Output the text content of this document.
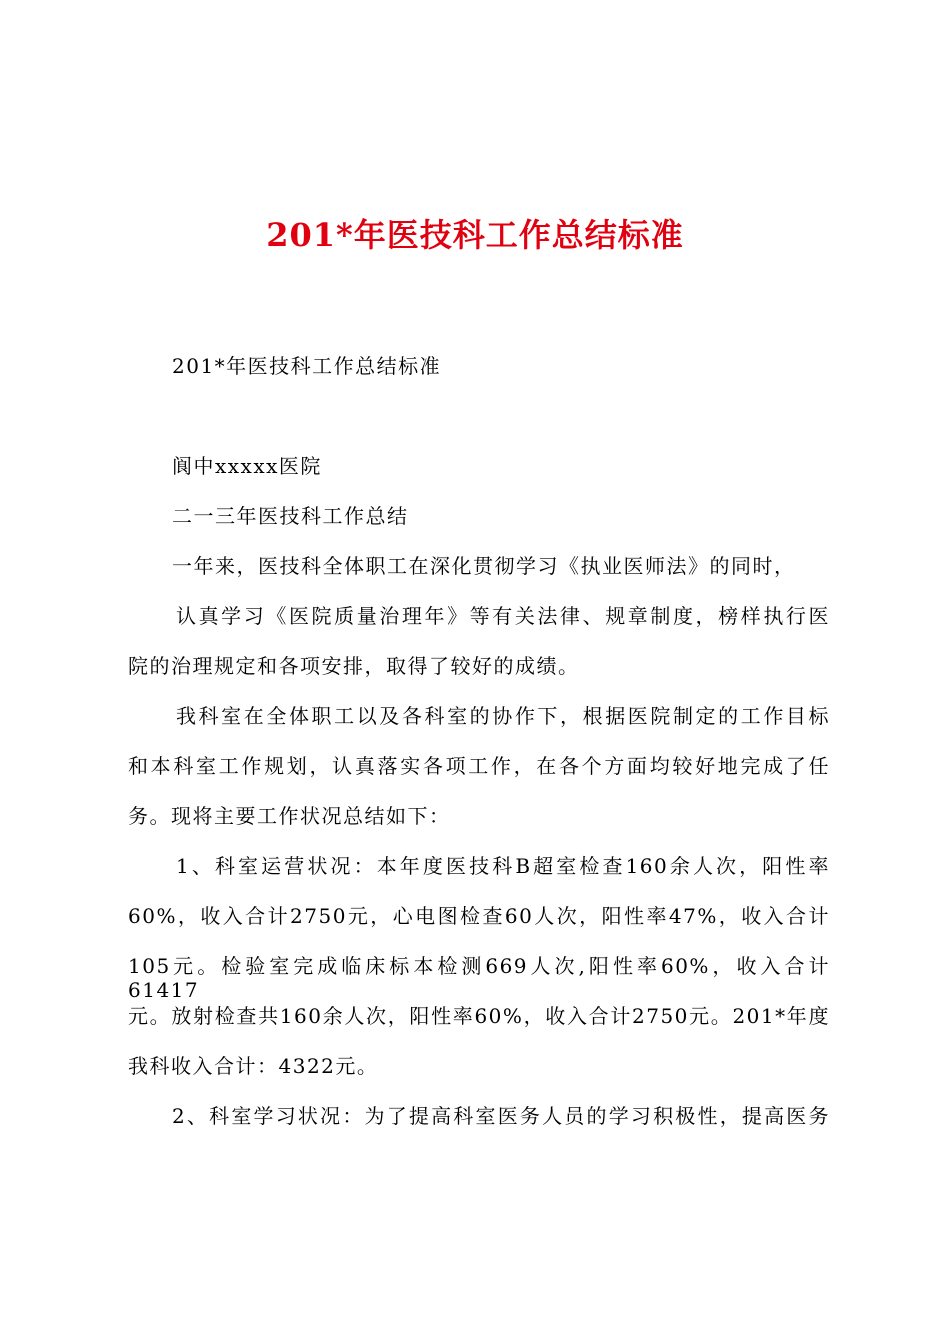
201*年医技科工作总结标准
201*年医技科工作总结标准
阆中xxxxx医院
二一三年医技科工作总结
一年来，医技科全体职工在深化贯彻学习《执业医师法》的同时，
认真学习《医院质量治理年》等有关法律、规章制度，榜样执行医
院的治理规定和各项安排，取得了较好的成绩。
我科室在全体职工以及各科室的协作下，根据医院制定的工作目标
和本科室工作规划，认真落实各项工作，在各个方面均较好地完成了任
务。现将主要工作状况总结如下：
1、科室运营状况：本年度医技科B超室检查160余人次，阳性率
60%，收入合计2750元，心电图检查60人次，阳性率47%，收入合计
105元。检验室完成临床标本检测669人次,阳性率60%，收入合计61417
元。放射检查共160余人次，阳性率60%，收入合计2750元。201*年度
我科收入合计：4322元。
2、科室学习状况：为了提高科室医务人员的学习积极性，提高医务
